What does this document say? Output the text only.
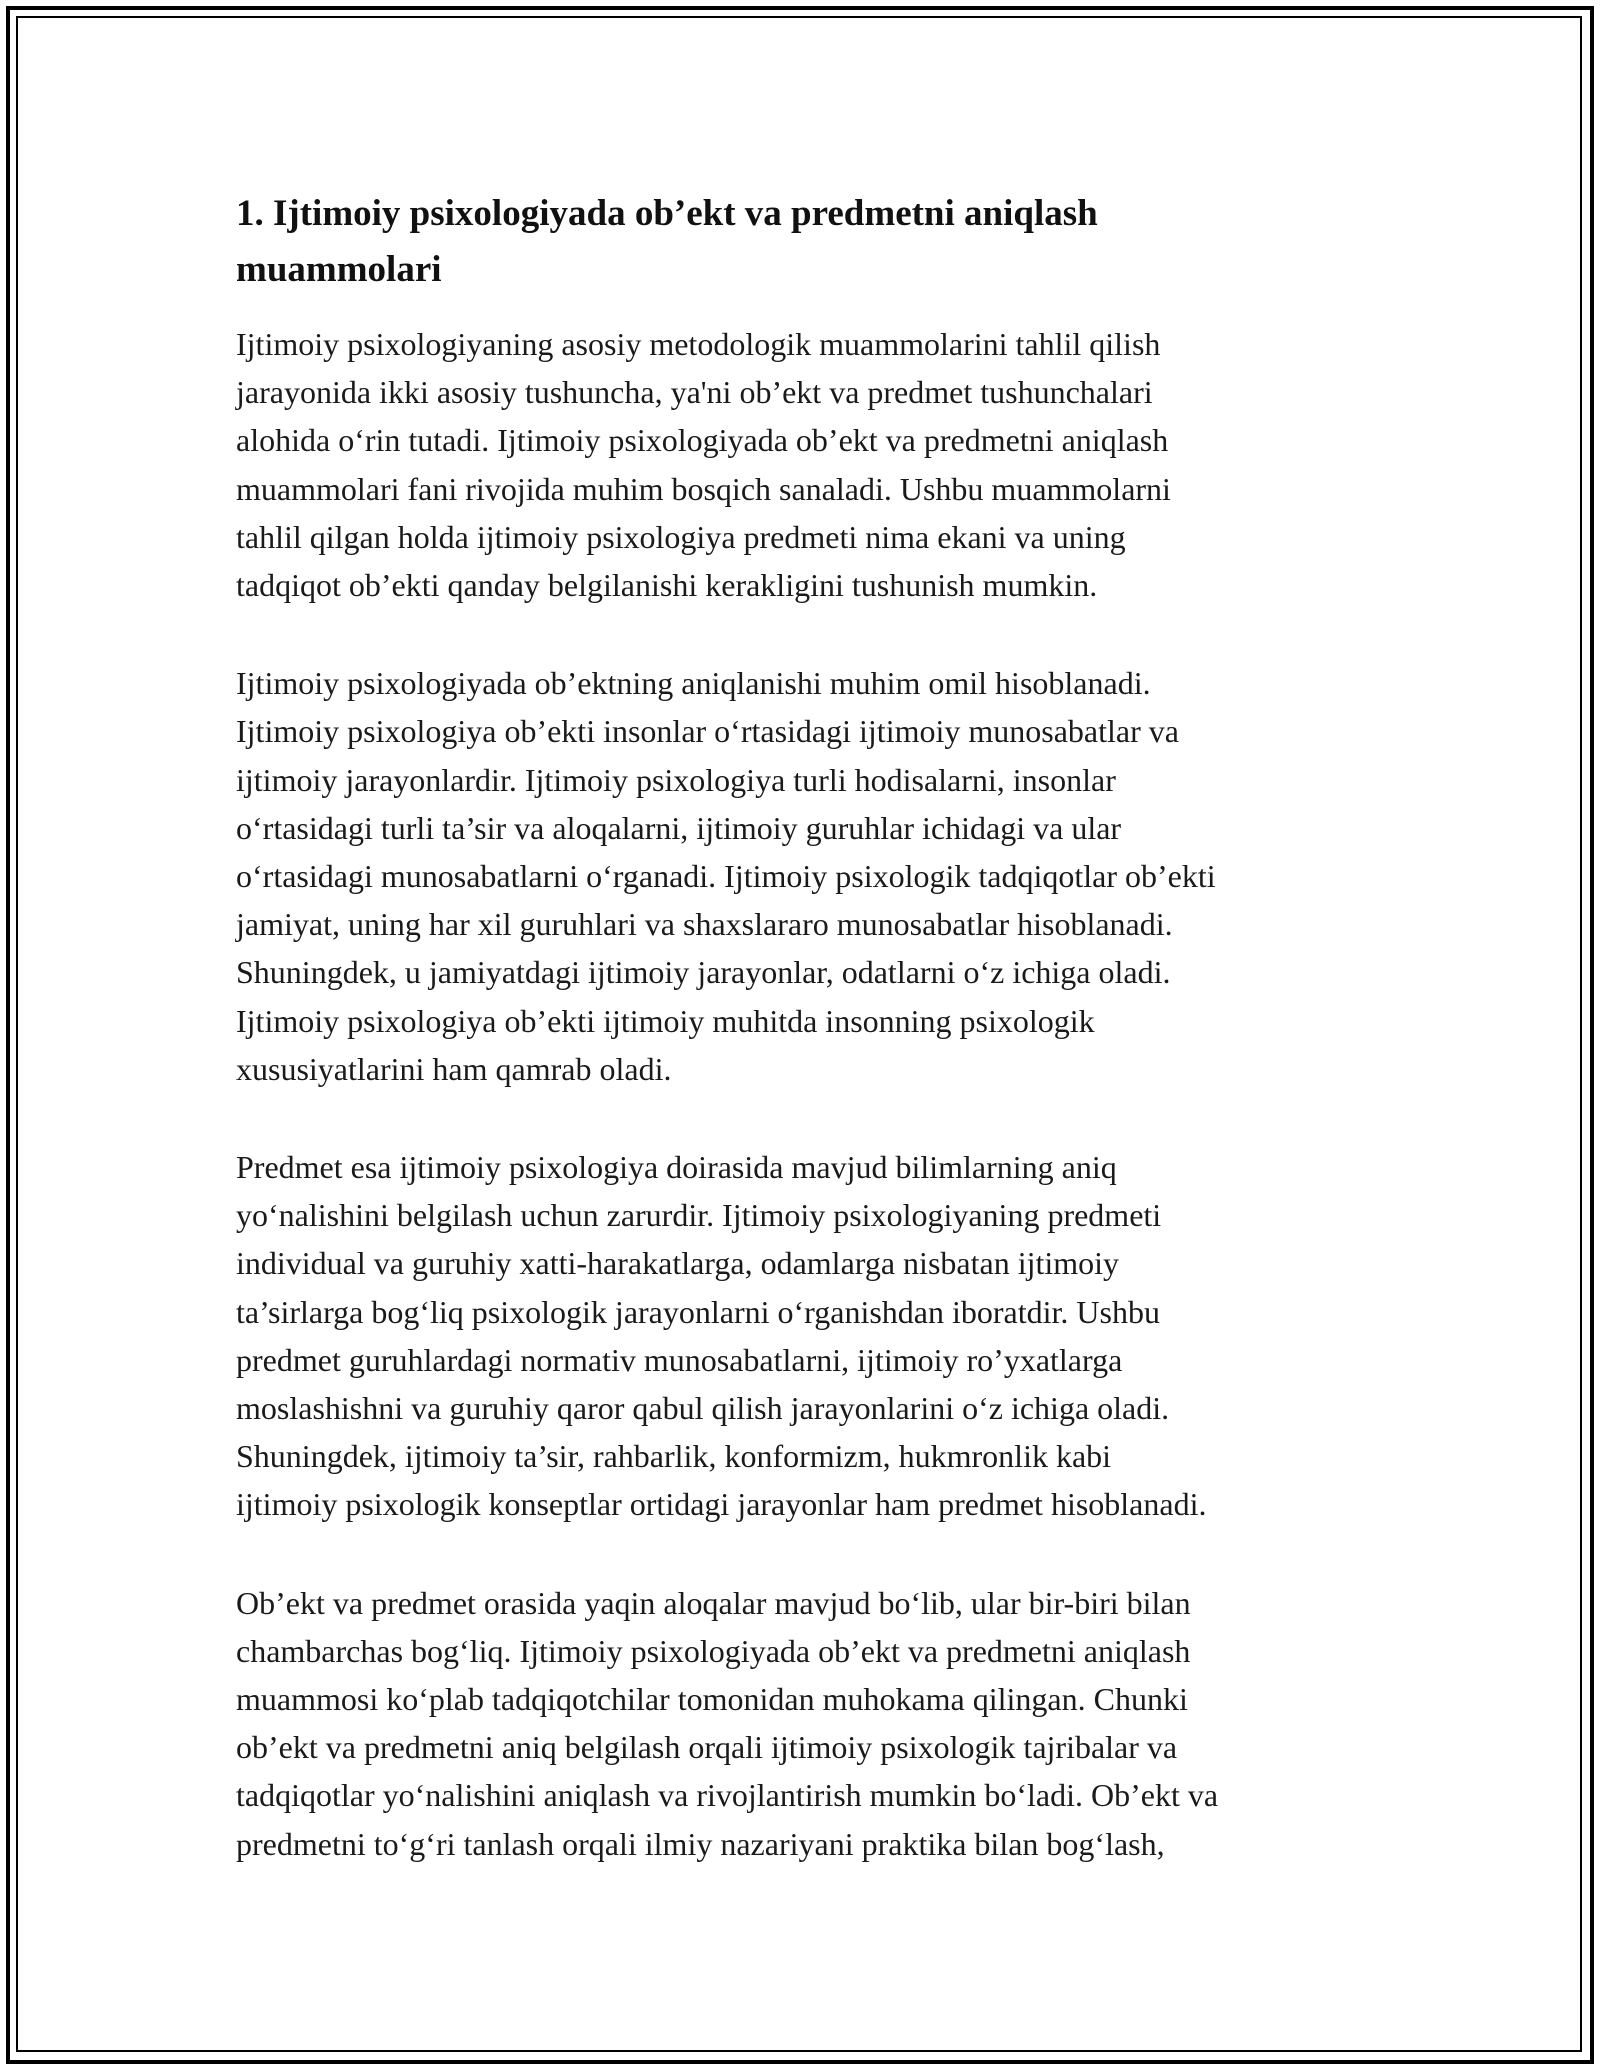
1. Ijtimoiy psixologiyada ob’ekt va predmetni aniqlash
muammolari

Ijtimoiy psixologiyaning asosiy metodologik muammolarini tahlil qilish
jarayonida ikki asosiy tushuncha, ya'ni ob’ekt va predmet tushunchalari
alohida o‘rin tutadi. Ijtimoiy psixologiyada ob’ekt va predmetni aniqlash
muammolari fani rivojida muhim bosqich sanaladi. Ushbu muammolarni
tahlil qilgan holda ijtimoiy psixologiya predmeti nima ekani va uning
tadqiqot ob’ekti qanday belgilanishi kerakligini tushunish mumkin.

Ijtimoiy psixologiyada ob’ektning aniqlanishi muhim omil hisoblanadi.
Ijtimoiy psixologiya ob’ekti insonlar o‘rtasidagi ijtimoiy munosabatlar va
ijtimoiy jarayonlardir. Ijtimoiy psixologiya turli hodisalarni, insonlar
o‘rtasidagi turli ta’sir va aloqalarni, ijtimoiy guruhlar ichidagi va ular
o‘rtasidagi munosabatlarni o‘rganadi. Ijtimoiy psixologik tadqiqotlar ob’ekti
jamiyat, uning har xil guruhlari va shaxslararo munosabatlar hisoblanadi.
Shuningdek, u jamiyatdagi ijtimoiy jarayonlar, odatlarni o‘z ichiga oladi.
Ijtimoiy psixologiya ob’ekti ijtimoiy muhitda insonning psixologik
xususiyatlarini ham qamrab oladi.

Predmet esa ijtimoiy psixologiya doirasida mavjud bilimlarning aniq
yo‘nalishini belgilash uchun zarurdir. Ijtimoiy psixologiyaning predmeti
individual va guruhiy xatti-harakatlarga, odamlarga nisbatan ijtimoiy
ta’sirlarga bog‘liq psixologik jarayonlarni o‘rganishdan iboratdir. Ushbu
predmet guruhlardagi normativ munosabatlarni, ijtimoiy ro’yxatlarga
moslashishni va guruhiy qaror qabul qilish jarayonlarini o‘z ichiga oladi.
Shuningdek, ijtimoiy ta’sir, rahbarlik, konformizm, hukmronlik kabi
ijtimoiy psixologik konseptlar ortidagi jarayonlar ham predmet hisoblanadi.

Ob’ekt va predmet orasida yaqin aloqalar mavjud bo‘lib, ular bir-biri bilan
chambarchas bog‘liq. Ijtimoiy psixologiyada ob’ekt va predmetni aniqlash
muammosi ko‘plab tadqiqotchilar tomonidan muhokama qilingan. Chunki
ob’ekt va predmetni aniq belgilash orqali ijtimoiy psixologik tajribalar va
tadqiqotlar yo‘nalishini aniqlash va rivojlantirish mumkin bo‘ladi. Ob’ekt va
predmetni to‘g‘ri tanlash orqali ilmiy nazariyani praktika bilan bog‘lash,
